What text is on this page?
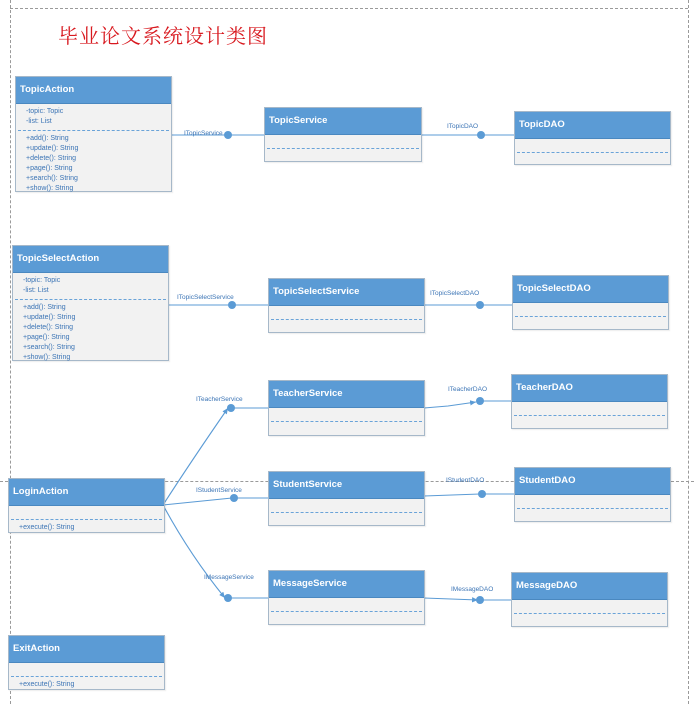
毕业论文系统设计类图
ITopicService
ITopicDAO
ITopicSelectService
ITopicSelectDAO
ITeacherService
ITeacherDAO
IStudentService
IStudentDAO
IMessageService
IMessageDAO
TopicAction
-topic: Topic
-list: List
+add(): String
+update(): String
+delete(): String
+page(): String
+search(): String
+show(): String
TopicService	TopicDAO
TopicSelectAction
-topic: Topic
-list: List
+add(): String
+update(): String
+delete(): String
+page(): String
+search(): String
+show(): String
TopicSelectService	TopicSelectDAO
TeacherService
TeacherDAO
LoginAction
+execute(): String
StudentService	StudentDAO
MessageService	MessageDAO
ExitAction
+execute(): String
